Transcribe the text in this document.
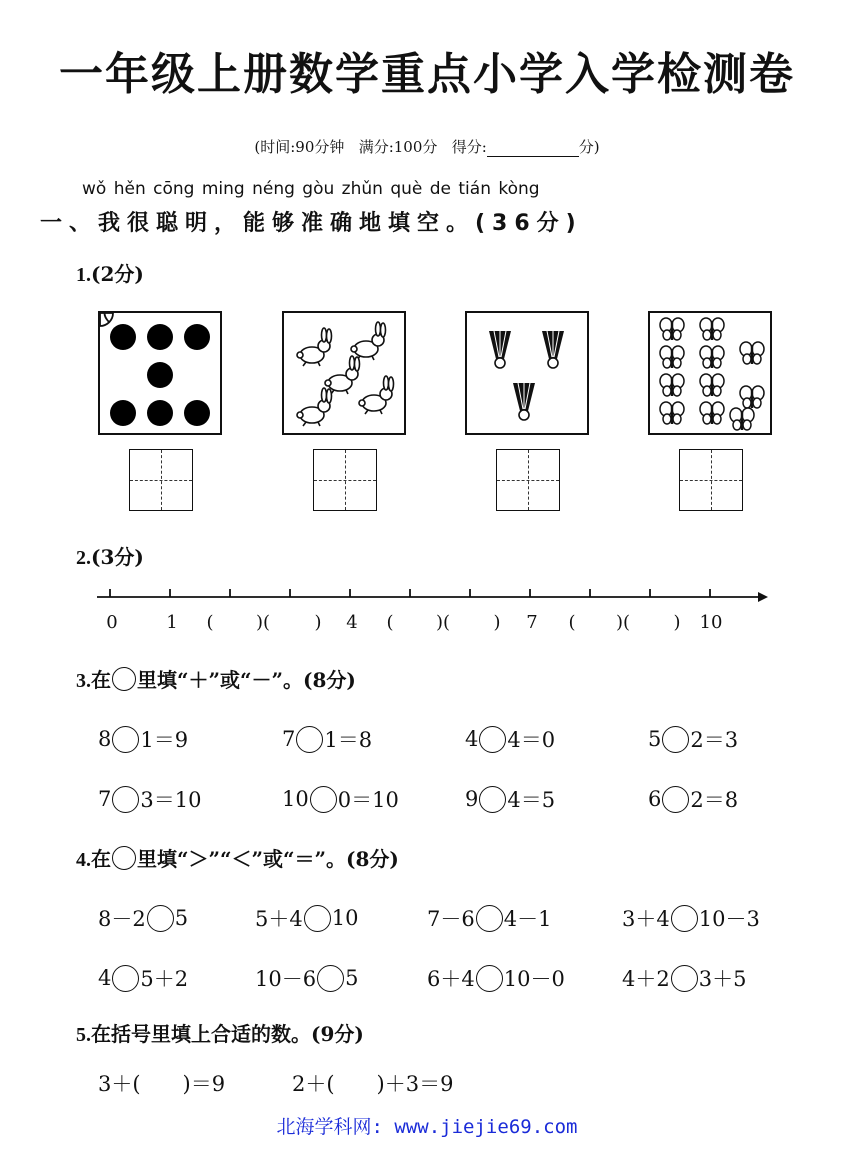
一年级上册数学重点小学入学检测卷
(时间:90分钟 满分:100分 得分:	分)
wǒ hěn cōng ming néng gòu zhǔn què de tián kòng
一、我很聪明，能够准确地填空。(36分)
1.(2分)
2.(3分)
0	1	(	)(	)	4	(	)(	)	7	(	)(	)	10
3.在 里填“＋”或“－”。(8分)
8 1＝9	7 1＝8	4 4＝0	5 2＝3
7 3＝10	10 0＝10	9 4＝5	6 2＝8
4.在 里填“＞”“＜”或“＝”。(8分)
8－2 5	5＋4 10	7－6 4－1	3＋4 10－3
4 5＋2	10－6 5	6＋4 10－0	4＋2 3＋5
5.在括号里填上合适的数。(9分)
3＋(　　)＝9	2＋(　　)＋3＝9
北海学科网: www.jiejie69.com
